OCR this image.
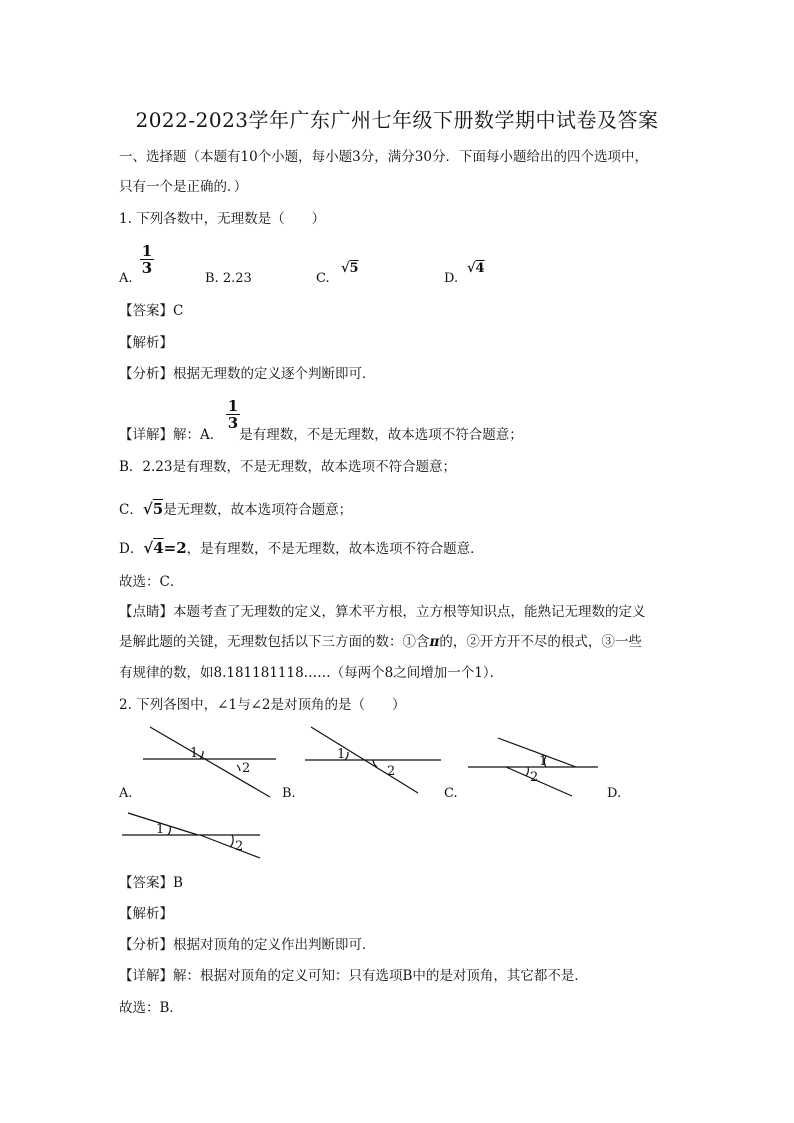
2022-2023学年广东广州七年级下册数学期中试卷及答案
一、选择题（本题有10个小题，每小题3分，满分30分．下面每小题给出的四个选项中，
只有一个是正确的．）
1. 下列各数中，无理数是（　　）
A.
1
3
B. 2.23	C.
√5
D.
√4
【答案】C
【解析】
【分析】根据无理数的定义逐个判断即可．
【详解】解：A． 是有理数，不是无理数，故本选项不符合题意；
1
3
B．2.23是有理数，不是无理数，故本选项不符合题意；
C．√5是无理数，故本选项符合题意；
D．√4=2，是有理数，不是无理数，故本选项不符合题意．
故选：C．
【点睛】本题考查了无理数的定义，算术平方根，立方根等知识点，能熟记无理数的定义
是解此题的关键，无理数包括以下三方面的数：①含π的，②开方开不尽的根式，③一些
有规律的数，如8.181181118……（每两个8之间增加一个1）．
2. 下列各图中，∠1与∠2是对顶角的是（　　）
1
2
A.
1
2
B.
1
2
C.	D.
1
2
【答案】B
【解析】
【分析】根据对顶角的定义作出判断即可．
【详解】解：根据对顶角的定义可知：只有选项B中的是对顶角，其它都不是．
故选：B．
